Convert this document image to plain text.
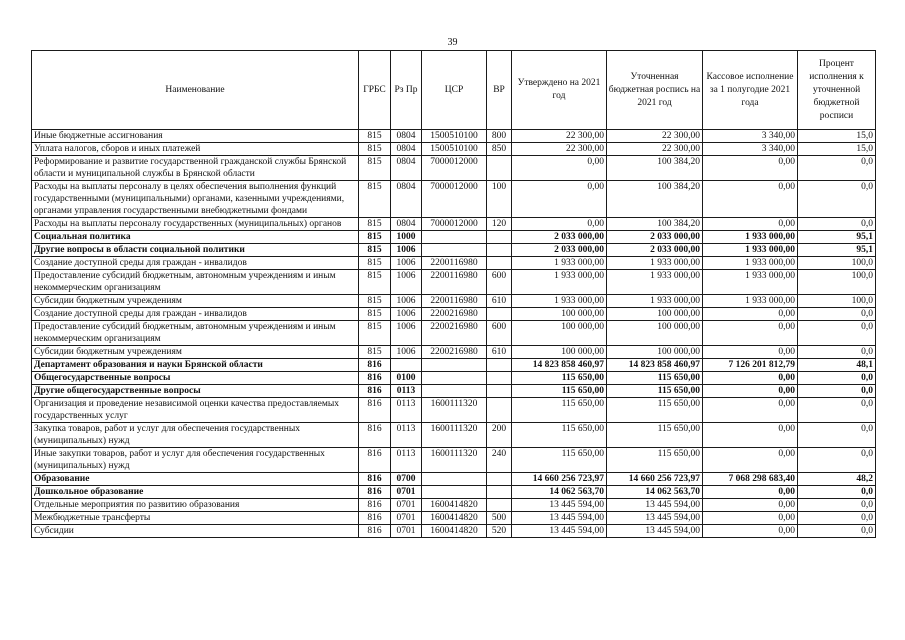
39
Наименование	ГРБС	Рз Пр	ЦСР	ВР	Утверждено на 2021 год	Уточненная бюджетная роспись на 2021 год	Кассовое исполнение за 1 полугодие 2021 года	Процент исполнения к уточненной бюджетной росписи
Иные бюджетные ассигнования	815	0804	1500510100	800	22 300,00	22 300,00	3 340,00	15,0
Уплата налогов, сборов и иных платежей	815	0804	1500510100	850	22 300,00	22 300,00	3 340,00	15,0
Реформирование и развитие государственной гражданской службы Брянской области и муниципальной службы в Брянской области	815	0804	7000012000		0,00	100 384,20	0,00	0,0
Расходы на выплаты персоналу в целях обеспечения выполнения функций государственными (муниципальными) органами, казенными учреждениями, органами управления государственными внебюджетными фондами	815	0804	7000012000	100	0,00	100 384,20	0,00	0,0
Расходы на выплаты персоналу государственных (муниципальных) органов	815	0804	7000012000	120	0,00	100 384,20	0,00	0,0
Социальная политика	815	1000			2 033 000,00	2 033 000,00	1 933 000,00	95,1
Другие вопросы в области социальной политики	815	1006			2 033 000,00	2 033 000,00	1 933 000,00	95,1
Создание доступной среды для граждан - инвалидов	815	1006	2200116980		1 933 000,00	1 933 000,00	1 933 000,00	100,0
Предоставление субсидий бюджетным, автономным учреждениям и иным некоммерческим организациям	815	1006	2200116980	600	1 933 000,00	1 933 000,00	1 933 000,00	100,0
Субсидии бюджетным учреждениям	815	1006	2200116980	610	1 933 000,00	1 933 000,00	1 933 000,00	100,0
Создание доступной среды для граждан - инвалидов	815	1006	2200216980		100 000,00	100 000,00	0,00	0,0
Предоставление субсидий бюджетным, автономным учреждениям и иным некоммерческим организациям	815	1006	2200216980	600	100 000,00	100 000,00	0,00	0,0
Субсидии бюджетным учреждениям	815	1006	2200216980	610	100 000,00	100 000,00	0,00	0,0
Департамент образования и науки Брянской области	816				14 823 858 460,97	14 823 858 460,97	7 126 201 812,79	48,1
Общегосударственные вопросы	816	0100			115 650,00	115 650,00	0,00	0,0
Другие общегосударственные вопросы	816	0113			115 650,00	115 650,00	0,00	0,0
Организация и проведение независимой оценки качества предоставляемых государственных услуг	816	0113	1600111320		115 650,00	115 650,00	0,00	0,0
Закупка товаров, работ и услуг для обеспечения государственных (муниципальных) нужд	816	0113	1600111320	200	115 650,00	115 650,00	0,00	0,0
Иные закупки товаров, работ и услуг для обеспечения государственных (муниципальных) нужд	816	0113	1600111320	240	115 650,00	115 650,00	0,00	0,0
Образование	816	0700			14 660 256 723,97	14 660 256 723,97	7 068 298 683,40	48,2
Дошкольное образование	816	0701			14 062 563,70	14 062 563,70	0,00	0,0
Отдельные мероприятия по развитию образования	816	0701	1600414820		13 445 594,00	13 445 594,00	0,00	0,0
Межбюджетные трансферты	816	0701	1600414820	500	13 445 594,00	13 445 594,00	0,00	0,0
Субсидии	816	0701	1600414820	520	13 445 594,00	13 445 594,00	0,00	0,0
